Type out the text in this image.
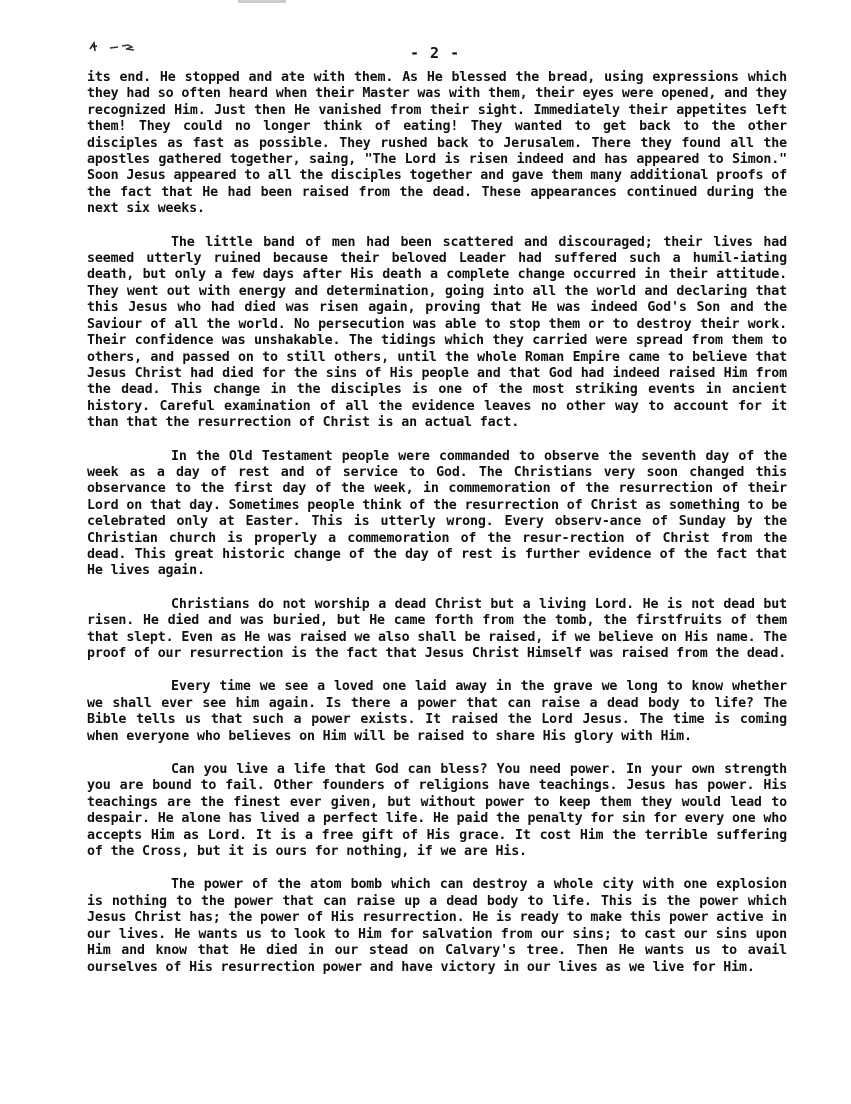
- 2 -

its end. He stopped and ate with them. As He blessed the bread, using expressions which they had so often heard when their Master was with them, their eyes were opened, and they recognized Him. Just then He vanished from their sight. Immediately their appetites left them! They could no longer think of eating! They wanted to get back to the other disciples as fast as possible. They rushed back to Jerusalem. There they found all the apostles gathered together, saing, "The Lord is risen indeed and has appeared to Simon." Soon Jesus appeared to all the disciples together and gave them many additional proofs of the fact that He had been raised from the dead. These appearances continued during the next six weeks.

The little band of men had been scattered and discouraged; their lives had seemed utterly ruined because their beloved Leader had suffered such a humil-iating death, but only a few days after His death a complete change occurred in their attitude. They went out with energy and determination, going into all the world and declaring that this Jesus who had died was risen again, proving that He was indeed God's Son and the Saviour of all the world. No persecution was able to stop them or to destroy their work. Their confidence was unshakable. The tidings which they carried were spread from them to others, and passed on to still others, until the whole Roman Empire came to believe that Jesus Christ had died for the sins of His people and that God had indeed raised Him from the dead. This change in the disciples is one of the most striking events in ancient history. Careful examination of all the evidence leaves no other way to account for it than that the resurrection of Christ is an actual fact.

In the Old Testament people were commanded to observe the seventh day of the week as a day of rest and of service to God. The Christians very soon changed this observance to the first day of the week, in commemoration of the resurrection of their Lord on that day. Sometimes people think of the resurrection of Christ as something to be celebrated only at Easter. This is utterly wrong. Every observ-ance of Sunday by the Christian church is properly a commemoration of the resur-rection of Christ from the dead. This great historic change of the day of rest is further evidence of the fact that He lives again.

Christians do not worship a dead Christ but a living Lord. He is not dead but risen. He died and was buried, but He came forth from the tomb, the firstfruits of them that slept. Even as He was raised we also shall be raised, if we believe on His name. The proof of our resurrection is the fact that Jesus Christ Himself was raised from the dead.

Every time we see a loved one laid away in the grave we long to know whether we shall ever see him again. Is there a power that can raise a dead body to life? The Bible tells us that such a power exists. It raised the Lord Jesus. The time is coming when everyone who believes on Him will be raised to share His glory with Him.

Can you live a life that God can bless? You need power. In your own strength you are bound to fail. Other founders of religions have teachings. Jesus has power. His teachings are the finest ever given, but without power to keep them they would lead to despair. He alone has lived a perfect life. He paid the penalty for sin for every one who accepts Him as Lord. It is a free gift of His grace. It cost Him the terrible suffering of the Cross, but it is ours for nothing, if we are His.

The power of the atom bomb which can destroy a whole city with one explosion is nothing to the power that can raise up a dead body to life. This is the power which Jesus Christ has; the power of His resurrection. He is ready to make this power active in our lives. He wants us to look to Him for salvation from our sins; to cast our sins upon Him and know that He died in our stead on Calvary's tree. Then He wants us to avail ourselves of His resurrection power and have victory in our lives as we live for Him.
